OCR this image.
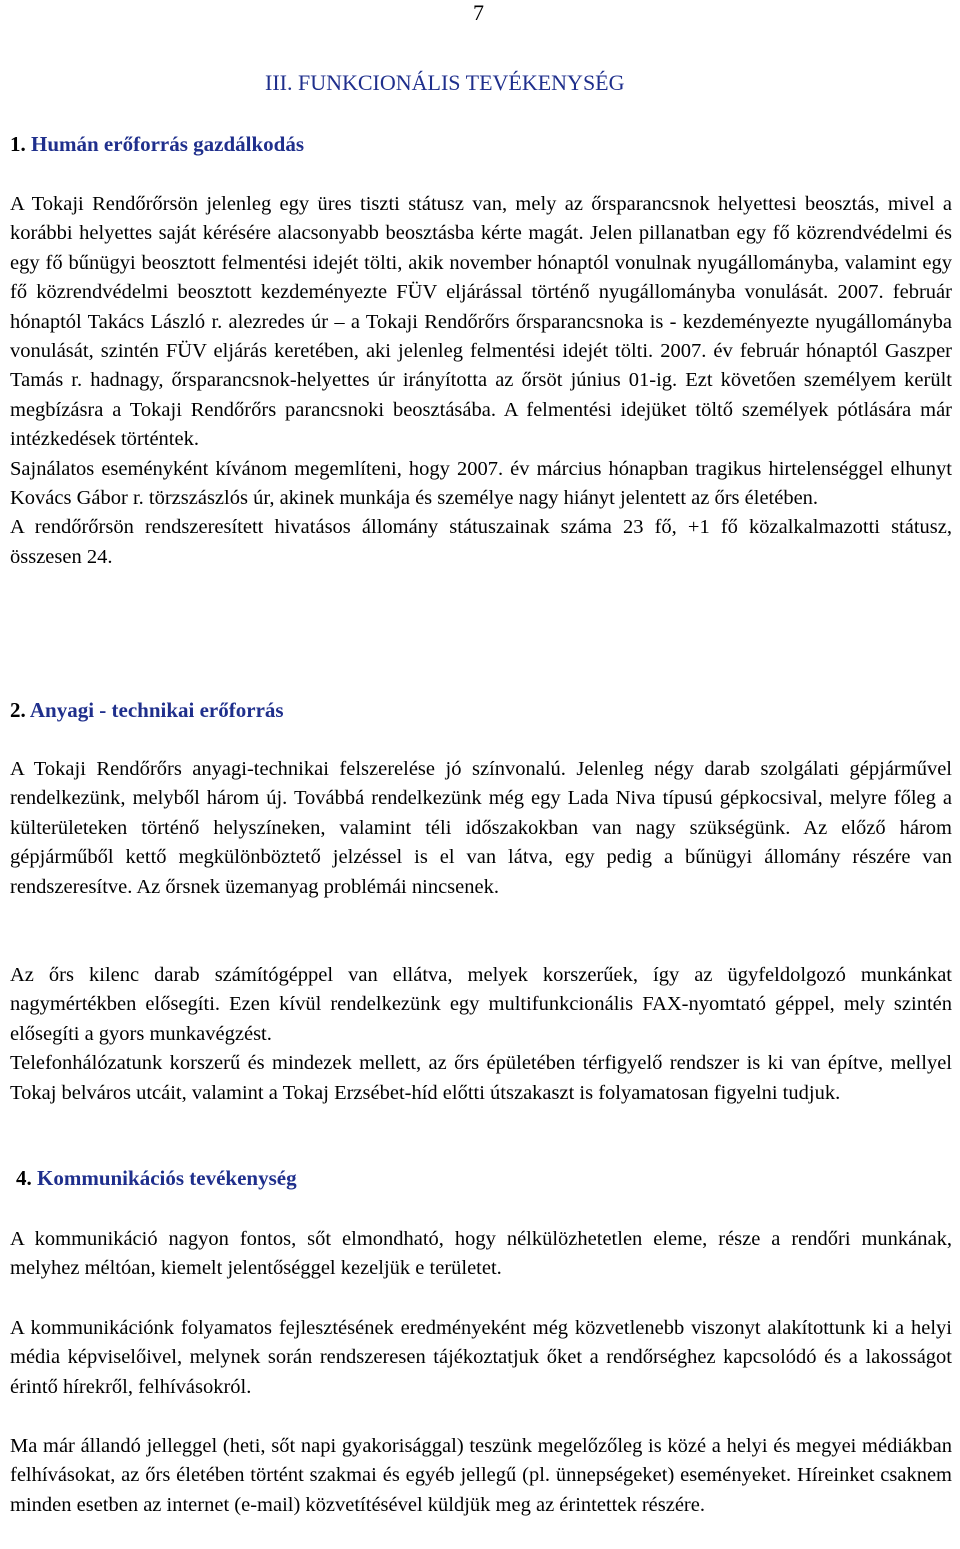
7
III. FUNKCIONÁLIS TEVÉKENYSÉG
1. Humán erőforrás gazdálkodás

A Tokaji Rendőrőrsön jelenleg egy üres tiszti státusz van, mely az őrsparancsnok helyettesi beosztás, mivel a korábbi helyettes saját kérésére alacsonyabb beosztásba kérte magát. Jelen pillanatban egy fő közrendvédelmi és egy fő bűnügyi beosztott felmentési idejét tölti, akik november hónaptól vonulnak nyugállományba, valamint egy fő közrendvédelmi beosztott kezdeményezte FÜV eljárással történő nyugállományba vonulását. 2007. február hónaptól Takács László r. alezredes úr – a Tokaji Rendőrőrs őrsparancsnoka is - kezdeményezte nyugállományba vonulását, szintén FÜV eljárás keretében, aki jelenleg felmentési idejét tölti. 2007. év február hónaptól Gaszper Tamás r. hadnagy, őrsparancsnok-helyettes úr irányította az őrsöt június 01-ig. Ezt követően személyem került megbízásra a Tokaji Rendőrőrs parancsnoki beosztásába. A felmentési idejüket töltő személyek pótlására már intézkedések történtek.

Sajnálatos eseményként kívánom megemlíteni, hogy 2007. év március hónapban tragikus hirtelenséggel elhunyt Kovács Gábor r. törzszászlós úr, akinek munkája és személye nagy hiányt jelentett az őrs életében.

A rendőrőrsön rendszeresített hivatásos állomány státuszainak száma 23 fő, +1 fő közalkalmazotti státusz, összesen 24.

2. Anyagi - technikai erőforrás

A Tokaji Rendőrőrs anyagi-technikai felszerelése jó színvonalú. Jelenleg négy darab szolgálati gépjárművel rendelkezünk, melyből három új. Továbbá rendelkezünk még egy Lada Niva típusú gépkocsival, melyre főleg a külterületeken történő helyszíneken, valamint téli időszakokban van nagy szükségünk. Az előző három gépjárműből kettő megkülönböztető jelzéssel is el van látva, egy pedig a bűnügyi állomány részére van rendszeresítve. Az őrsnek üzemanyag problémái nincsenek.

Az őrs kilenc darab számítógéppel van ellátva, melyek korszerűek, így az ügyfeldolgozó munkánkat nagymértékben elősegíti. Ezen kívül rendelkezünk egy multifunkcionális FAX-nyomtató géppel, mely szintén elősegíti a gyors munkavégzést.

Telefonhálózatunk korszerű és mindezek mellett, az őrs épületében térfigyelő rendszer is ki van építve, mellyel Tokaj belváros utcáit, valamint a Tokaj Erzsébet-híd előtti útszakaszt is folyamatosan figyelni tudjuk.

4. Kommunikációs tevékenység

A kommunikáció nagyon fontos, sőt elmondható, hogy nélkülözhetetlen eleme, része a rendőri munkának, melyhez méltóan, kiemelt jelentőséggel kezeljük e területet.

A kommunikációnk folyamatos fejlesztésének eredményeként még közvetlenebb viszonyt alakítottunk ki a helyi média képviselőivel, melynek során rendszeresen tájékoztatjuk őket a rendőrséghez kapcsolódó és a lakosságot érintő hírekről, felhívásokról.

Ma már állandó jelleggel (heti, sőt napi gyakorisággal) teszünk megelőzőleg is közé a helyi és megyei médiákban felhívásokat, az őrs életében történt szakmai és egyéb jellegű (pl. ünnepségeket) eseményeket. Híreinket csaknem minden esetben az internet (e-mail) közvetítésével küldjük meg az érintettek részére.
